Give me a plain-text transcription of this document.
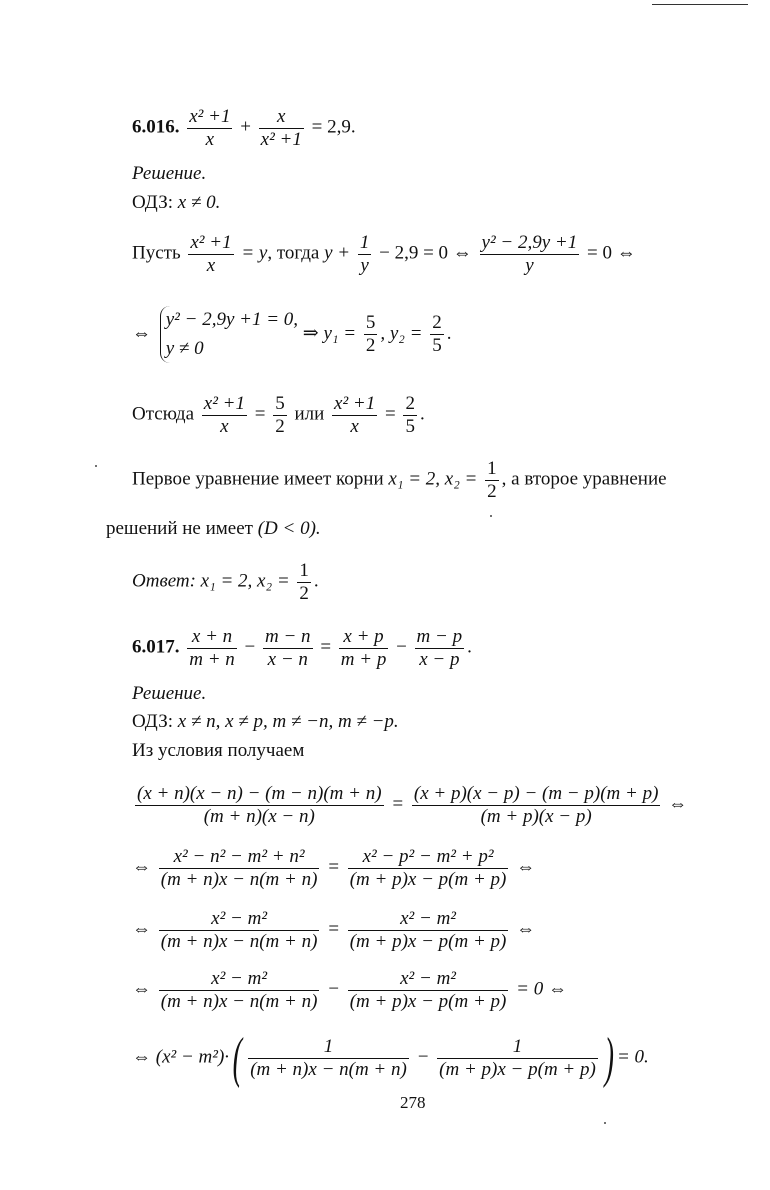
6.016. $\frac{\text{x² +1}}{x} + \frac{x}{\text{x² +1}} = 2,9$.
Решение.
ОДЗ: x ≠ 0.
Пусть $\frac{\text{x² +1}}{x} = y$, тогда $y + \frac{1}{y} - 2,9 = 0$ ⇔ $\frac{\text{y² − 2,9y +1}}{y} = 0$ ⇔
⇔
y² − 2,9y +1 = 0,
y ≠ 0
⇒ $y_1 = \frac{5}{2}$ , $y_2 = \frac{2}{5}$ .
Отсюда $\frac{\text{x² +1}}{x} = \frac{5}{2}$ или $\frac{\text{x² +1}}{x} = \frac{2}{5}$ .
Первое уравнение имеет корни x₁ = 2, $x_2 = \frac{1}{2}$ , а второе уравнение
решений не имеет (D < 0).
Ответ: x₁ = 2, $x_2 = \frac{1}{2}$ .
6.017. $\frac{x + n}{m + n} - \frac{m - n}{x - n} = \frac{x + p}{m + p} - \frac{m - p}{x - p}$ .
Решение.
ОДЗ: x ≠ n, x ≠ p, m ≠ −n, m ≠ −p.
Из условия получаем
$\frac{(x + n)(x - n) - (m - n)(m + n)}{(m + n)(x - n)} = \frac{(x + p)(x - p) - (m - p)(m + p)}{(m + p)(x - p)}$ ⇔
⇔ $\frac{\text{x² − n² − m² + n²}}{(m + n)x - n(m + n)} = \frac{\text{x² − p² − m² + p²}}{(m + p)x - p(m + p)}$ ⇔
⇔ $\frac{\text{x² − m²}}{(m + n)x - n(m + n)} = \frac{\text{x² − m²}}{(m + p)x - p(m + p)}$ ⇔
⇔ $\frac{\text{x² − m²}}{(m + n)x - n(m + n)} - \frac{\text{x² − m²}}{(m + p)x - p(m + p)} = 0$ ⇔
⇔ (x² − m²)· ( $\frac{1}{(m + n)x - n(m + n)} - \frac{1}{(m + p)x - p(m + p)}$ ) = 0.
278
